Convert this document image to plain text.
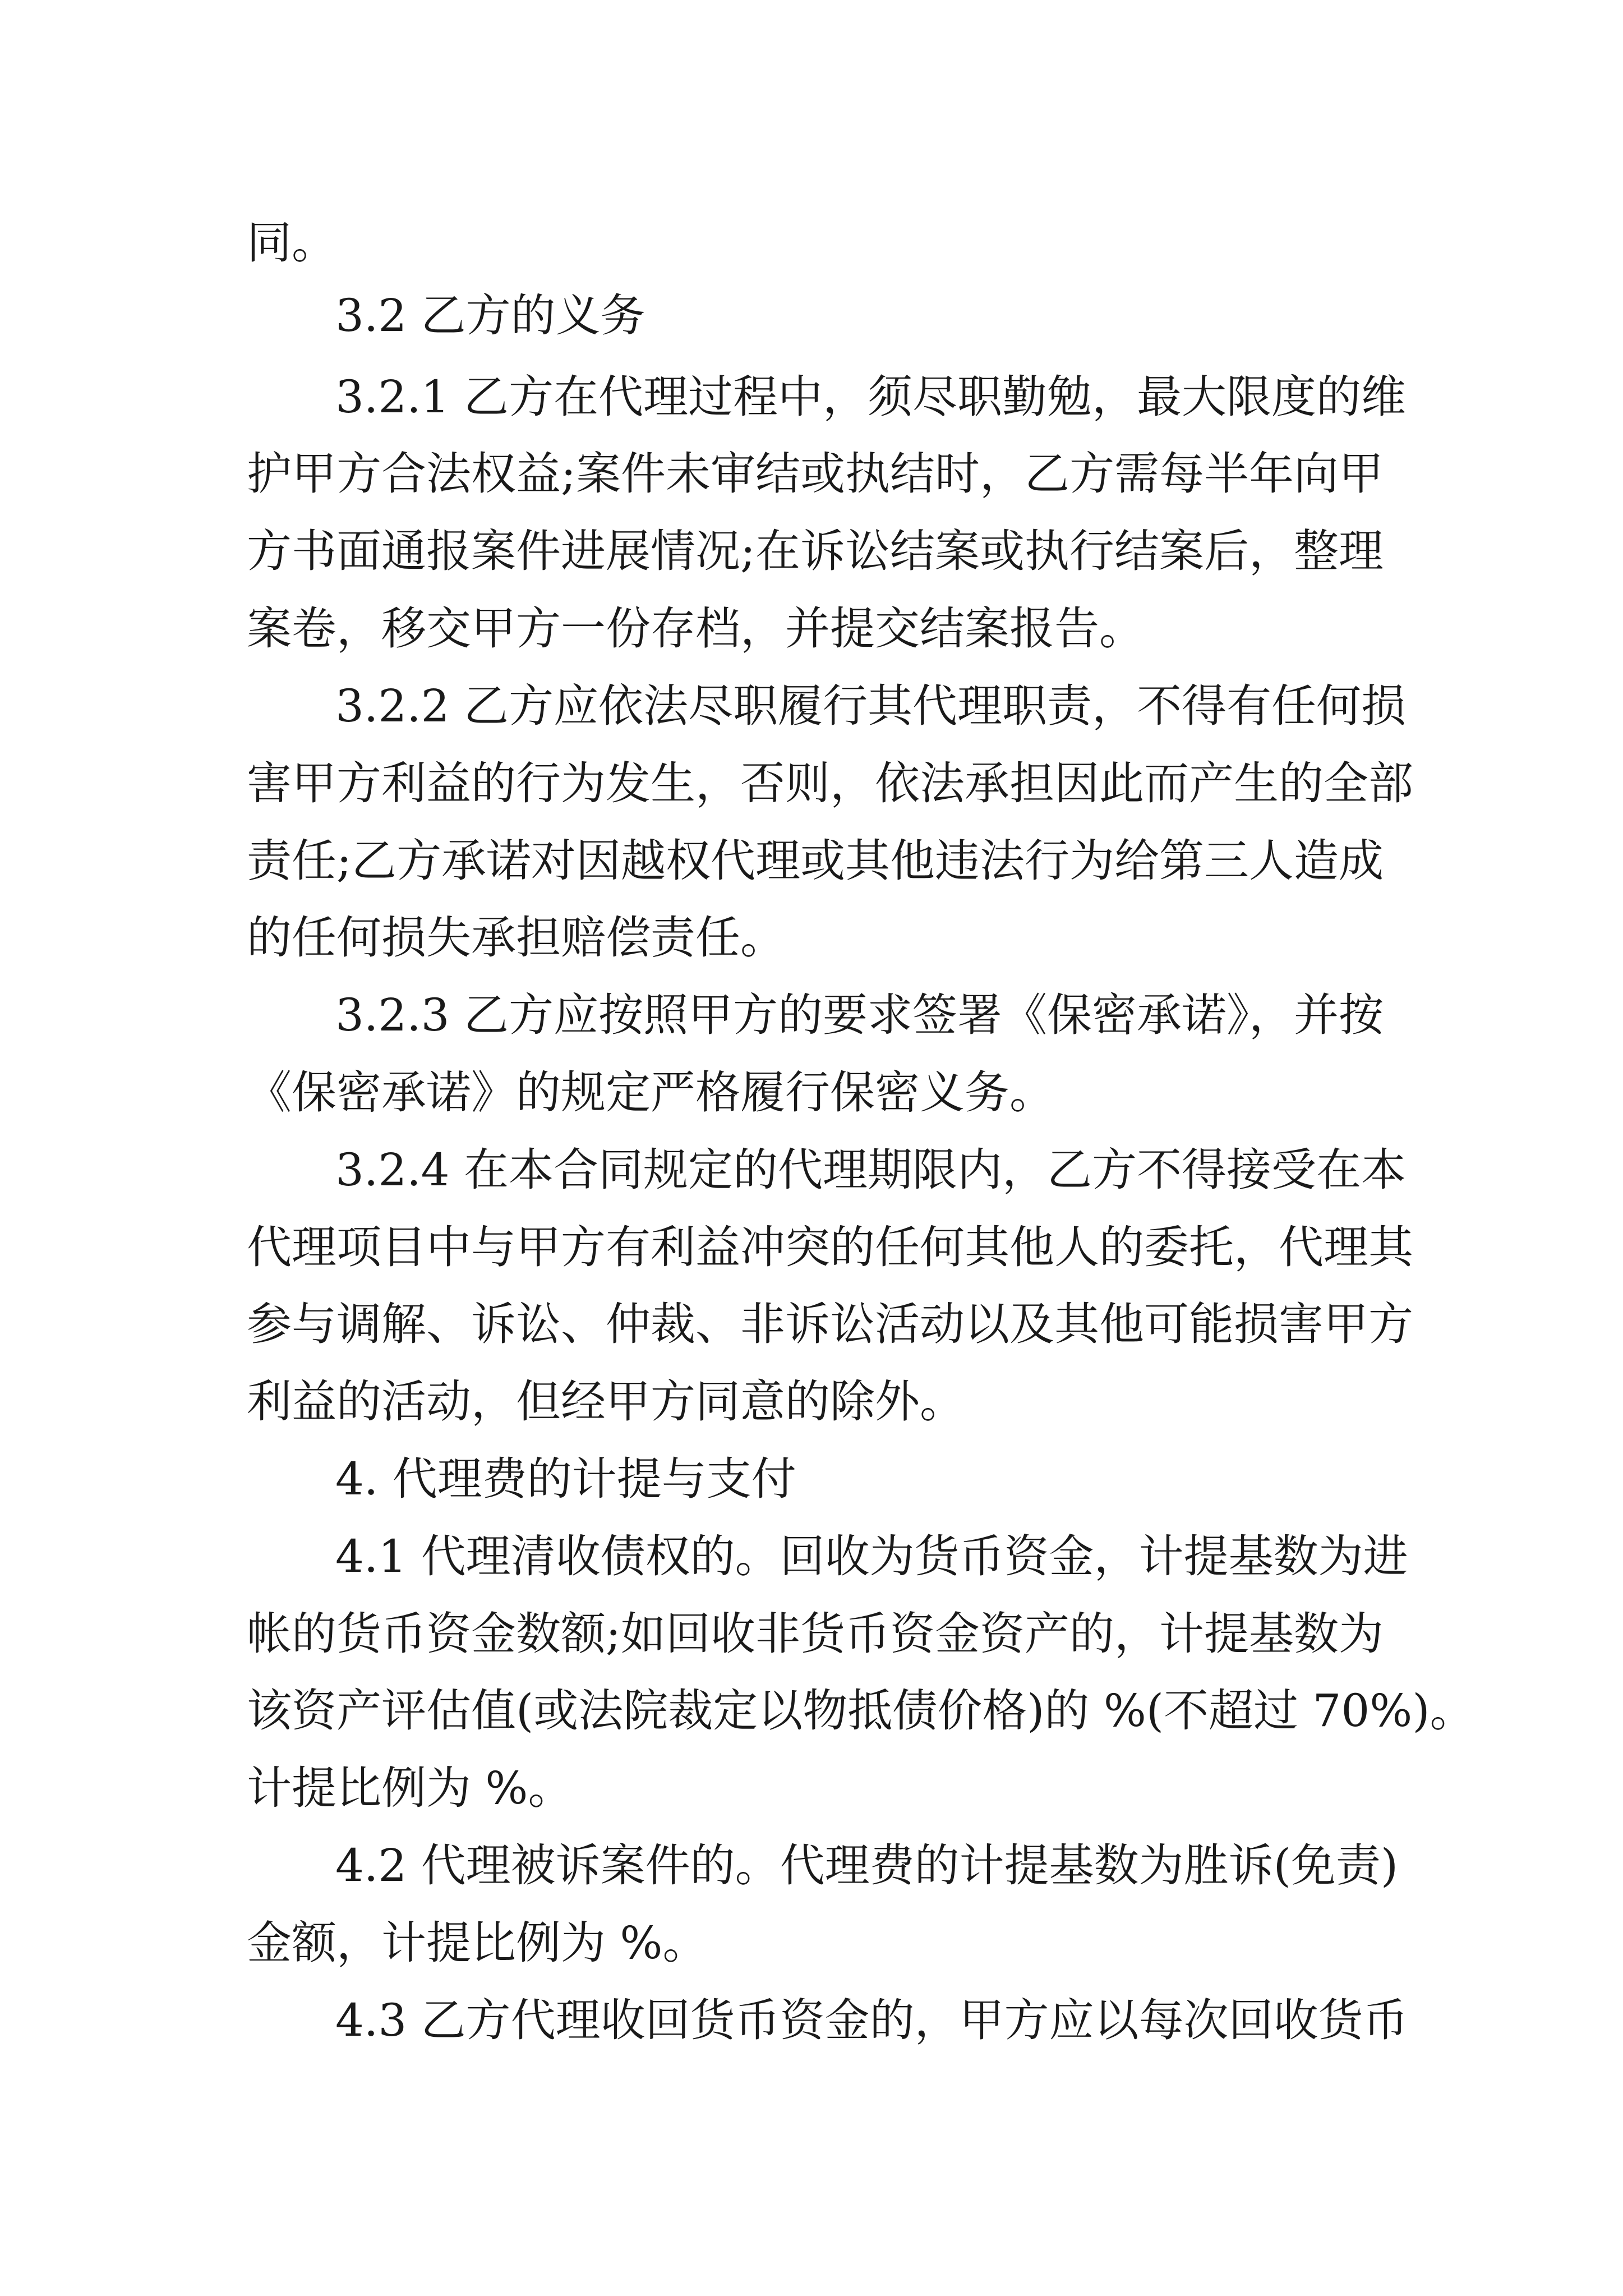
同。
3.2 乙方的义务
3.2.1 乙方在代理过程中，须尽职勤勉，最大限度的维
护甲方合法权益;案件未审结或执结时，乙方需每半年向甲
方书面通报案件进展情况;在诉讼结案或执行结案后，整理
案卷，移交甲方一份存档，并提交结案报告。
3.2.2 乙方应依法尽职履行其代理职责，不得有任何损
害甲方利益的行为发生，否则，依法承担因此而产生的全部
责任;乙方承诺对因越权代理或其他违法行为给第三人造成
的任何损失承担赔偿责任。
3.2.3 乙方应按照甲方的要求签署《保密承诺》，并按
《保密承诺》的规定严格履行保密义务。
3.2.4 在本合同规定的代理期限内，乙方不得接受在本
代理项目中与甲方有利益冲突的任何其他人的委托，代理其
参与调解、诉讼、仲裁、非诉讼活动以及其他可能损害甲方
利益的活动，但经甲方同意的除外。
4. 代理费的计提与支付
4.1 代理清收债权的。回收为货币资金，计提基数为进
帐的货币资金数额;如回收非货币资金资产的，计提基数为
该资产评估值(或法院裁定以物抵债价格)的 %(不超过 70%)。
计提比例为 %。
4.2 代理被诉案件的。代理费的计提基数为胜诉(免责)
金额，计提比例为 %。
4.3 乙方代理收回货币资金的，甲方应以每次回收货币
